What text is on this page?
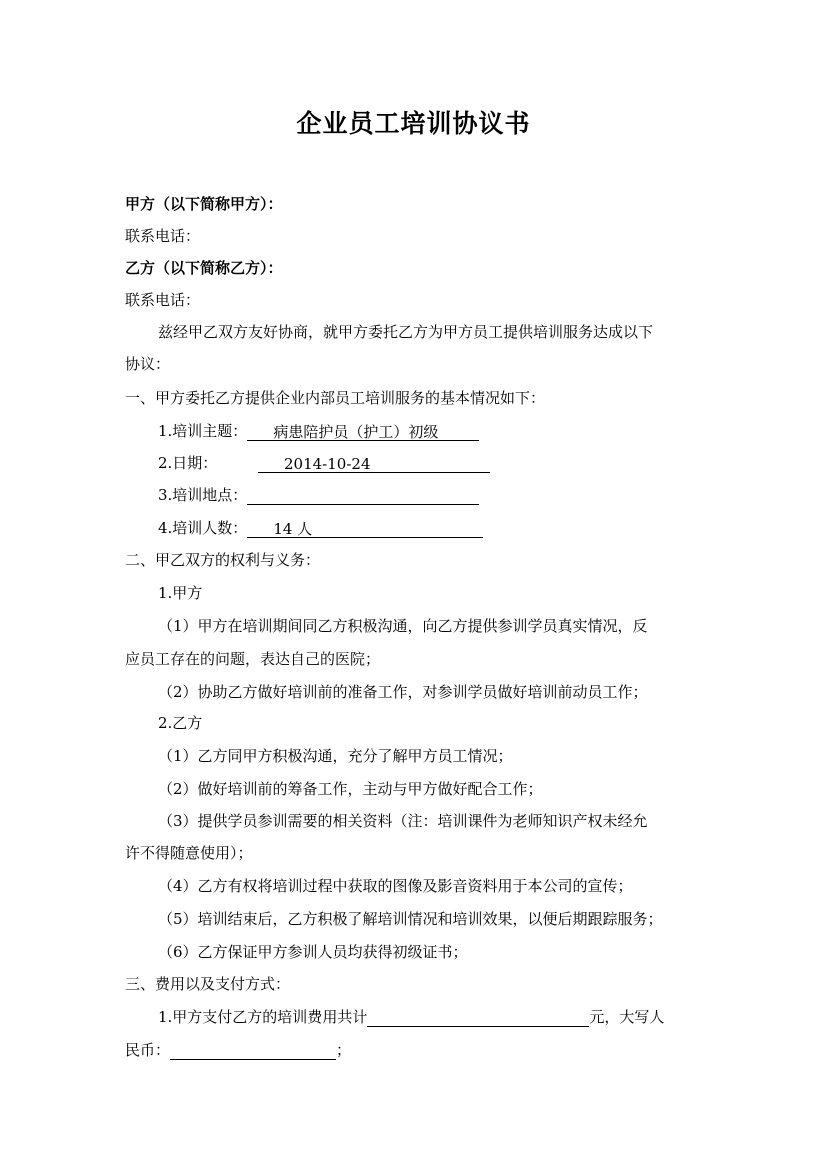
企业员工培训协议书
甲方（以下简称甲方）：
联系电话：
乙方（以下简称乙方）：
联系电话：
兹经甲乙双方友好协商，就甲方委托乙方为甲方员工提供培训服务达成以下
协议：
一、甲方委托乙方提供企业内部员工培训服务的基本情况如下：
1.培训主题： 病患陪护员（护工）初级
2.日期：	2014-10-24
3.培训地点：
4.培训人数： 14 人
二、甲乙双方的权利与义务：
1.甲方
（1）甲方在培训期间同乙方积极沟通，向乙方提供参训学员真实情况，反
应员工存在的问题，表达自己的医院；
（2）协助乙方做好培训前的准备工作，对参训学员做好培训前动员工作；
2.乙方
（1）乙方同甲方积极沟通，充分了解甲方员工情况；
（2）做好培训前的筹备工作，主动与甲方做好配合工作；
（3）提供学员参训需要的相关资料（注：培训课件为老师知识产权未经允
许不得随意使用）；
（4）乙方有权将培训过程中获取的图像及影音资料用于本公司的宣传；
（5）培训结束后，乙方积极了解培训情况和培训效果，以便后期跟踪服务；
（6）乙方保证甲方参训人员均获得初级证书；
三、费用以及支付方式：
1.甲方支付乙方的培训费用共计	元，大写人
民币：	；
